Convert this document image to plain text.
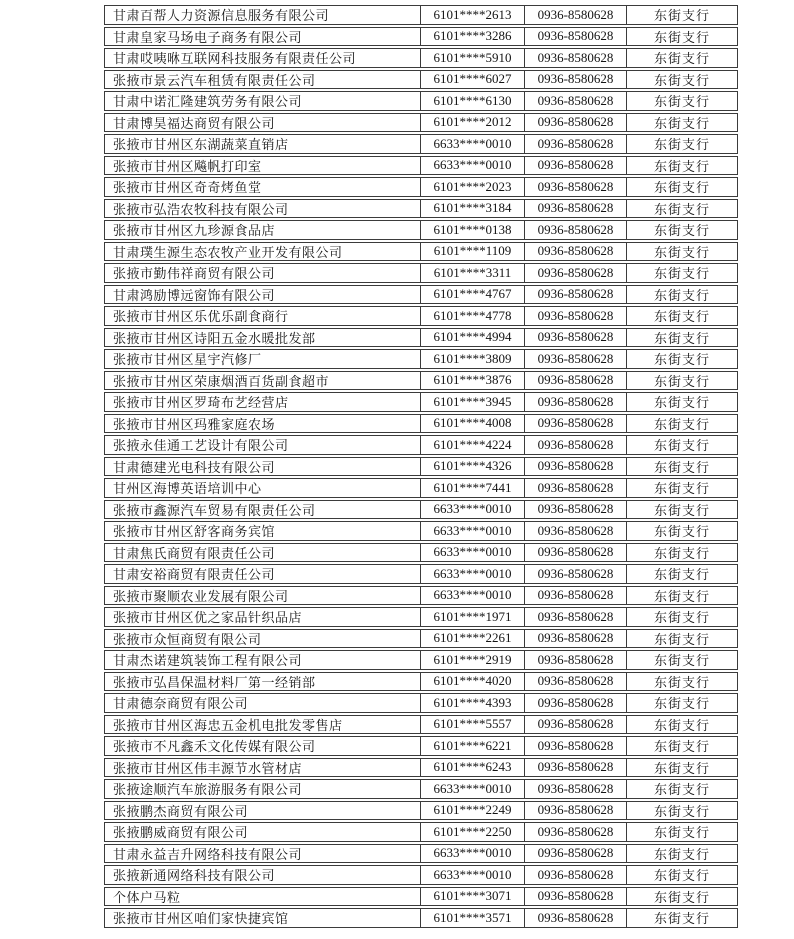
甘肃百帮人力资源信息服务有限公司	6101****2613	0936-8580628	东街支行
甘肃皇家马场电子商务有限公司	6101****3286	0936-8580628	东街支行
甘肃哎咦咻互联网科技服务有限责任公司	6101****5910	0936-8580628	东街支行
张掖市景云汽车租赁有限责任公司	6101****6027	0936-8580628	东街支行
甘肃中诺汇隆建筑劳务有限公司	6101****6130	0936-8580628	东街支行
甘肃博昊福达商贸有限公司	6101****2012	0936-8580628	东街支行
张掖市甘州区东湖蔬菜直销店	6633****0010	0936-8580628	东街支行
张掖市甘州区飚帆打印室	6633****0010	0936-8580628	东街支行
张掖市甘州区奇奇烤鱼堂	6101****2023	0936-8580628	东街支行
张掖市弘浩农牧科技有限公司	6101****3184	0936-8580628	东街支行
张掖市甘州区九珍源食品店	6101****0138	0936-8580628	东街支行
甘肃璞生源生态农牧产业开发有限公司	6101****1109	0936-8580628	东街支行
张掖市勤伟祥商贸有限公司	6101****3311	0936-8580628	东街支行
甘肃鸿励博远窗饰有限公司	6101****4767	0936-8580628	东街支行
张掖市甘州区乐优乐副食商行	6101****4778	0936-8580628	东街支行
张掖市甘州区诗阳五金水暖批发部	6101****4994	0936-8580628	东街支行
张掖市甘州区星宇汽修厂	6101****3809	0936-8580628	东街支行
张掖市甘州区荣康烟酒百货副食超市	6101****3876	0936-8580628	东街支行
张掖市甘州区罗琦布艺经营店	6101****3945	0936-8580628	东街支行
张掖市甘州区玛雅家庭农场	6101****4008	0936-8580628	东街支行
张掖永佳通工艺设计有限公司	6101****4224	0936-8580628	东街支行
甘肃德建光电科技有限公司	6101****4326	0936-8580628	东街支行
甘州区海博英语培训中心	6101****7441	0936-8580628	东街支行
张掖市鑫源汽车贸易有限责任公司	6633****0010	0936-8580628	东街支行
张掖市甘州区舒客商务宾馆	6633****0010	0936-8580628	东街支行
甘肃焦氏商贸有限责任公司	6633****0010	0936-8580628	东街支行
甘肃安裕商贸有限责任公司	6633****0010	0936-8580628	东街支行
张掖市聚顺农业发展有限公司	6633****0010	0936-8580628	东街支行
张掖市甘州区优之家品针织品店	6101****1971	0936-8580628	东街支行
张掖市众恒商贸有限公司	6101****2261	0936-8580628	东街支行
甘肃杰诺建筑装饰工程有限公司	6101****2919	0936-8580628	东街支行
张掖市弘昌保温材料厂第一经销部	6101****4020	0936-8580628	东街支行
甘肃德奈商贸有限公司	6101****4393	0936-8580628	东街支行
张掖市甘州区海忠五金机电批发零售店	6101****5557	0936-8580628	东街支行
张掖市不凡鑫禾文化传媒有限公司	6101****6221	0936-8580628	东街支行
张掖市甘州区伟丰源节水管材店	6101****6243	0936-8580628	东街支行
张掖途顺汽车旅游服务有限公司	6633****0010	0936-8580628	东街支行
张掖鹏杰商贸有限公司	6101****2249	0936-8580628	东街支行
张掖鹏威商贸有限公司	6101****2250	0936-8580628	东街支行
甘肃永益吉升网络科技有限公司	6633****0010	0936-8580628	东街支行
张掖新通网络科技有限公司	6633****0010	0936-8580628	东街支行
个体户马粒	6101****3071	0936-8580628	东街支行
张掖市甘州区咱们家快捷宾馆	6101****3571	0936-8580628	东街支行
